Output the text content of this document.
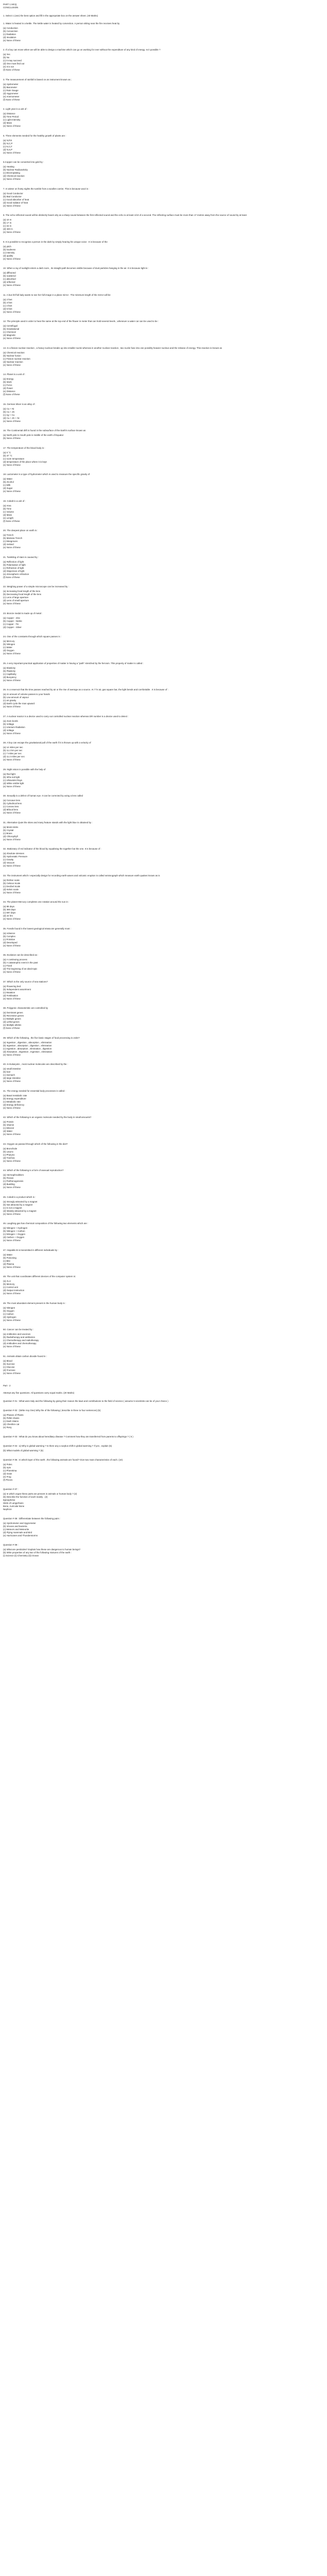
PART 1 MCQ

CONCLUSION

1. Select 1 (one) the best option and fill in the appropriate box on the answer sheet. (40 Marks)

1. Water is heated in a kettle. The kettle water is heated by convection. A person sitting near the fire receives heat by

(a) Conduction

(b) Convection

(c) Radiation

(d) Insulation

(e) None of these

2. If a boy can move when we will be able to design a machine which can go on working for ever without the expenditure of any kind of energy. Is it possible ?

(a) Yes

(b) No

(c) It may succeed

(d) One must find out

(e) It is not

(f) None of these

3. The measurement of rainfall is based on an instrument known as ;

(a) Hydrometer

(b) Barometer

(c) Rain Gauge

(d) Hygrometer

(e) Anemometer

(f) None of these

4. Light year is a unit of :

(a) Distance

(b) Time Period

(c) Light Intensity

(d) Mass

(e) None of these

5. Three elements needed for the healthy growth of plants are :

(a) N,P,K

(b) N,C,P

(c) N,C,F

(d) N,S,P

(e) None of these

6.Copper can be converted into gold by :

(a) Heating

(b) Nuclear Radioactivity

(c) Electroplating

(d) Chemical reaction

(e) None of these

7. In winter on frosty nights the tumble from a woollen carrier, This is because wool is :

(a) Good Conductor

(b) Bad Conductor

(c) Good absorber of heat

(d) Good radiator of heat

(e) None of these

8. The echo reflected sound will be distinctly heard only as a sharp sound between the first reflected sound and the echo is at least 1/10 of a second. The reflecting surface must be more than 17 metres away from the source of sound by at least

(a) 10 m

(b) 17 m

(c) 34 m

(d) 340 m

(e) None of these

9. It is possible to recognise a person in the dark by simply hearing his unique voice . It is because of the

(a) pitch

(b) loudness

(c) intensity

(d) quality

(e) None of these

10. When a ray of sunlight enters a dark room , its straight path becomes visible because of dust particles hanging in the air. It is because light is :

(a) diffracted

(b) scattered

(c) absorbed

(d) reflected

(e) None of these

11. A bus fell full lady wants to see her full image in a plane mirror . The minimum length of the mirror will be

(a) 2 feet

(b) 3 feet

(c) 4 feet

(d) 5 feet

(e) None of these

12. The principle used in order to hear the same at the top end of the flower in meter that can hold several levels , whenever a water car can be used to be :

(a) Centrifugal

(b) Gravitational

(c) Chemical

(d) Magnetic

(e) None of these

13. In a fission nuclear reaction , a heavy nucleus breaks up into smaller nuclei whereas in another nuclear reaction , two nuclei fuse into one possibly heavier nucleus and the release of energy. This reaction is known as

(a) Chemical reaction

(b) Nuclear fusion

(c) Fission nuclear reaction

(d) Nuclear reaction

(e) None of these

14. Planet is a unit of :

(a) Energy

(b) Work

(c) Force

(d) Power

(e) Distance

(f) None of these

15. German Silver is an alloy of :

(a) Cu + Ni

(b) Cu + Zn

(c) Ag + Cu

(d) Cu + Zn + Ni

(e) None of these

16. The Continental drift is found in the subsurface of the Earth's surface known as

(a) North pole to South pole is middle of the earth of Equator

(b) None of these

17. The temperature of the blood body is :

(a) 0 °C

(b) 37 °C

(c) room temperature

(d) temperature of the place where it is kept

(e) None of these

18. Lactometer is a type of hydrometer which is used to measure the specific gravity of

(a) Water

(b) Alcohol

(c) Milk

(d) Sugar

(e) None of these

19. Cobalt is a unit of :

(a) Area

(b) Time

(c) Volume

(d) Mass

(e) Length

(f) None of these

20. The deepest place on earth is :

(a) Trench

(b) Mariana Trench

(c) Mangroves

(d) Iceland

(e) None of these

21. Twinkling of stars is caused by :

(a) Reflection of light

(b) Polarisation of light

(c) Refraction of light

(d) Dispersion of light

(e) Atmospheric refraction

(f) None of these

22. Weighing power of a simple microscope can be increased by :

(a) Increasing focal length of the lens

(b) Decreasing focal length of the lens

(c) Lens of large aperture

(d) Lens of small aperture

(e) None of these

23. Bronze medal is made up of metal :

(a) Copper - Zinc

(b) Copper - Nickle

(c) Copper - Tin

(d) Copper - Silver

24. One of the constants through which square passes is :

(a) Mercury

(b) Nitrogen

(c) Water

(d) Oxygen

(e) None of these

25. A very important practical application of properties of matter in having a "path" stretched by the ferrosm. This property of matter is called :

(a) Elasticity

(b) Plasticity

(c) Capillarity

(d) Buoyancy

(e) None of these

26. In a reservoir that the time passes reached by air or the rise of average as a source. At 7 hr air, gas square bar, the light bends and comfortable . It is because of :

(a) An amount of volume passes to your hands

(b) Low amount of vapour

(c) air gravity

(d) Earth cycle the man upward

(e) None of these

27. A nuclear reactor is a device used to carry out controlled nuclear reaction whereas DR number is a device used to detect :

(a) Atom bomb

(b) Voltage

(c) Uranium Radiation

(d) Voltage

(e) None of these

28. A boy can escape the gravitational pull of the earth if it is thrown up with a velocity of

(a) 14 miles per sec

(b) 11.2 km per sec

(c) 7 miles per sec

(d) 11.2 miles per sec

(e) None of these

29. Night vision is possible with the help of

(a) Red light

(b) Infra-red light

(c) Ultraviolet Rays

(d) White visible light

(e) None of these

30. Sexually is a defect of human eye. It can be corrected by using a lens called

(a) Concave lens

(b) Cylindrical lens

(c) Convex lens

(d) Bifocal lens

(e) None of these

31. Alternative Quiet the skies and many feature stands with the light blue is obtained by :

(a) Moist sticks

(b) Crystal

(c) Brass

(d) Chlorophyll

(e) None of these

32. Stationary of red indicator of the blood by equalising the together but the one. It is because of :

(a) Absolute stresses

(b) Hydrostatic Pressure

(c) Gravity

(d) Vacuum

(e) None of these

33. The instrument which I especially design for recording earth waves and volcanic eruption is called seismograph which measure earth quakes known as is

(a) Richter scale

(b) Celsius Scale

(c) Decibel Scale

(d) Kelvin scale

(e) None of these

34. The planet Mercury completes one rotation around the sun in :

(a) 88 days

(b) 365 days

(c) 687 days

(d) 24 hrs

(e) None of these

35. Fossils found in the lowest geological strata are generally most :

(a) Advance

(b) Complex

(c) Primitive

(d) Developed

(e) None of these

36. Evolution can be described as :

(a) A continuing process

(b) A catastrophic event in the past

(c) Fixed

(d) The beginning of an ideal topic

(e) None of these

37. Which is the only source of sea stations?

(a) Flowering bed

(b) Independent assortment

(c) Mutation

(d) Fertilisation

(e) None of these

38. Polygenic characteristic are controlled by

(a) Dominant genes

(b) Recessive genes

(c) Multiple genes

(d) Lethal genes

(e) Multiple alleles

(f) None of these

39. Which of the following , the five basic stages of food processing is order?

(a) Ingestion , digestion , absorption , elimination

(b) Ingestion , absorption , digestion , elimination

(c) Ingestion , absorption , elimination , digestion

(d) Absorption , Digestion , Ingestion , elimination

(e) None of these

40. In Eukaryotic , most nuclear molecules are described by the :

(a) small intestine

(b) liver

(c) stomach

(d) large intestine

(e) None of these

41. The energy needed for essential body processes is called :

(a) Basal metabolic rate

(b) Energy expenditure

(c) Metabolic rate

(d) Energy deficiency

(e) None of these

42. Which of the following is an organic molecule needed by the body in small amounts?

(a) Protein

(b) Vitamin

(c) Mineral

(d) Water

(e) None of these

43. Oxygen as passed through which of the following in the diet?

(a) Bronchiole

(b) Larynx

(c) Pharynx

(d) Trachea

(e) None of these

44. Which of the following is a form of asexual reproduction?

(a) Hermaphroditism

(b) Fission

(c) Parthenogenesis

(d) Budding

(e) None of these

45. Cobalt is a product which is :

(a) Strongly attracted by a magnet

(b) Not attracted by a magnet

(c) Is not a magnet

(d) Weakly attracted by a magnet

(e) None of these

46. Laughing gas has chemical composition of the following two elements which are :

(a) Nitrogen + Hydrogen

(b) Nitrogen + Carbon

(c) Nitrogen + Oxygen

(d) Carbon + Oxygen

(e) None of these

47. Hepatitis B is transmitted in different individuals by :

(a) Water

(b) Poisoning

(c) Bite

(d) Plasma

(e) None of these

48. The unit that coordinates different devices of the computer system is:

(a) ALU

(b) Memory

(c) Control unit

(d) Output Instruction

(e) None of these

49. The most abundant element present in the human body is :

(a) Nitrogen

(b) Oxygen

(c) Carbon

(d) Hydrogen

(e) None of these

50. Cancer can be treated by :

(a) Antibiotics and vaccines

(b) Radiotherapy and antibiotics

(c) Chemotherapy and radiotherapy

(d) Antibodies and chemotherapy

(e) None of these

51. Animals obtain carbon dioxide found in :

(a) Blood

(b) Sucrose

(c) Glucose

(d) Fructose

(e) None of these

Part - 2

Attempt any five questions. All questions carry equal marks. (20 Marks)

Question # 01 : What were Italy and the following by giving their reason the laws and contributions to the field of science ( assume 5 scientists can be of your choice )

Question # 02 : (Write Any One) Why the of the following ( describe in three to four sentences) (5)

(a) Phases of Plants

(b) Pellet chains

(c) Dash Stains

(d) Cheshire cat

(e) Rosy

Question # 03 : What do you know about hereditary disease ? Comment how they are transferred from parents to offsprings ? ( 5 )

Question # 04 : a) Why is global warming ? Is there any a surplus shift in global warming ? If yes , explain (5)

(b) What models of global warming ? (5)

Question # 05 : In which layer of the earth , the following animals are found? Give two main characteristics of each. (10)

(a) Poles

(b) Apis

(c) Pheretima

(d) Grain

(e) Frog

(f) Pisces

Question # 07 :

(a) In which organ these parts are present in animals or human body ? (2)

(b) Describe the function of each mainly . (2)

Epinephrine

Islets of Langerhans

Bone, Auricular Bone

Nephron

Question # 08 : Differentiate between the following pairs :

(a) Hyrdrometer and Hygrometer

(b) Viruses and bacteria

(c) Meteors and Meteorite

(d) Flying mammals and Bird

(e) Hurricanes and Thunderstorms

Question # 09 :

(a) What are pesticides? Explain how these are dangerous to human beings?

(b) Write properties of any two of the following mixtures of the earth :

(i) Science (ii) Chemistry (iii) Ocean
